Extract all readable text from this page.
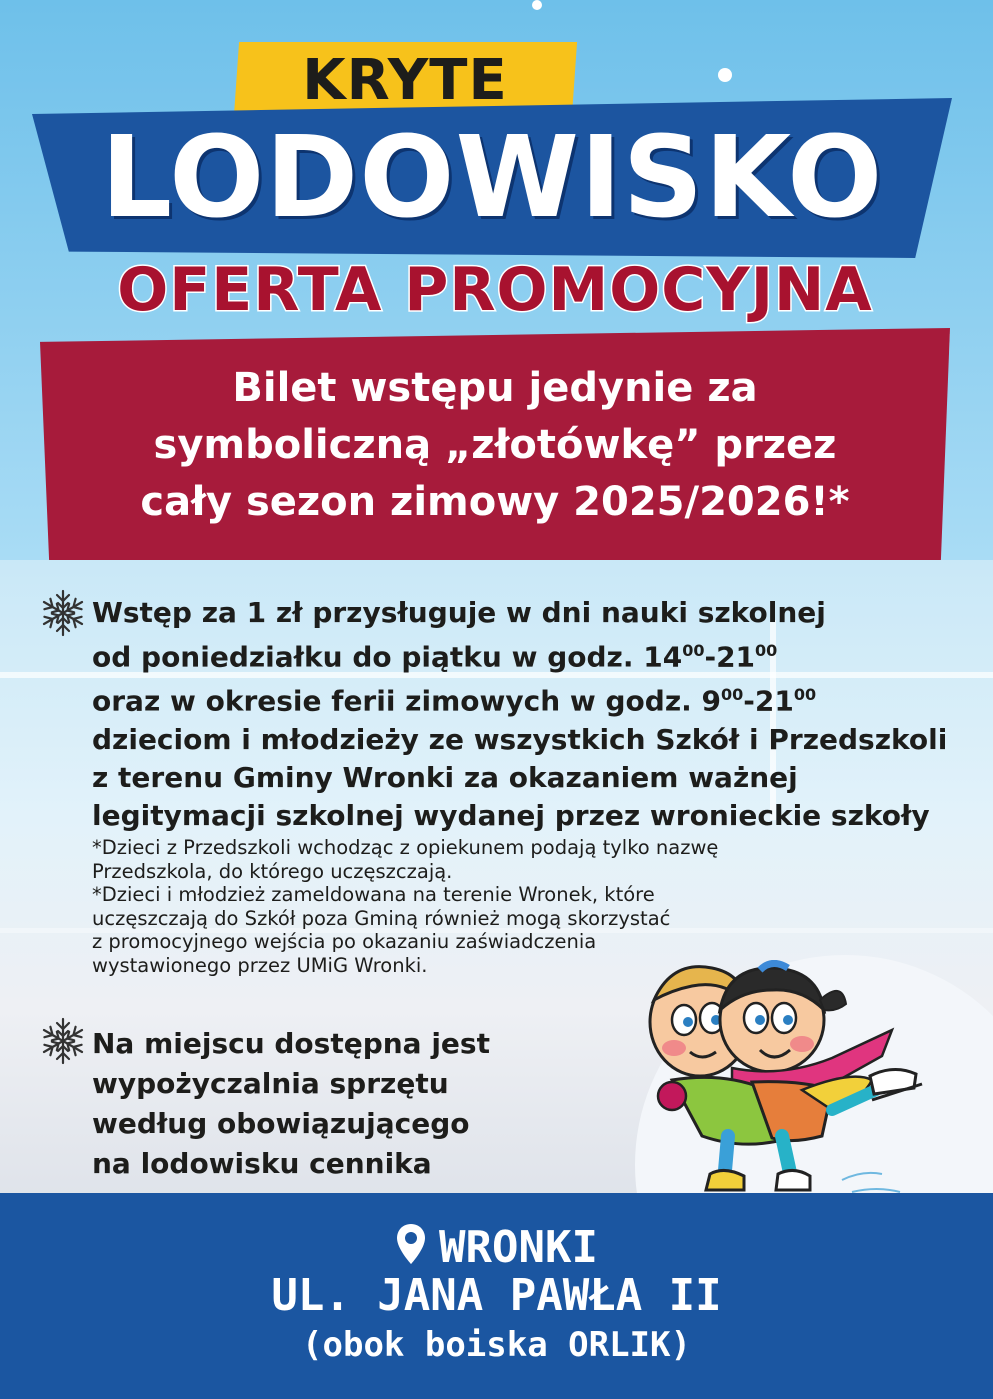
KRYTE
LODOWISKO
OFERTA PROMOCYJNA
Bilet wstępu jedynie za
symboliczną „złotówkę” przez
cały sezon zimowy 2025/2026!*
Wstęp za 1 zł przysługuje w dni nauki szkolnej
od poniedziałku do piątku w godz. $14^{00}-21^{00}$
oraz w okresie ferii zimowych w godz. $9^{00}-21^{00}$
dzieciom i młodzieży ze wszystkich Szkół i Przedszkoli
z terenu Gminy Wronki za okazaniem ważnej
legitymacji szkolnej wydanej przez wronieckie szkoły
*Dzieci z Przedszkoli wchodząc z opiekunem podają tylko nazwę
Przedszkola, do którego uczęszczają.
*Dzieci i młodzież zameldowana na terenie Wronek, które
uczęszczają do Szkół poza Gminą również mogą skorzystać
z promocyjnego wejścia po okazaniu zaświadczenia
wystawionego przez UMiG Wronki.
Na miejscu dostępna jest
wypożyczalnia sprzętu
według obowiązującego
na lodowisku cennika
WRONKI
UL. JANA PAWŁA II
(obok boiska ORLIK)
